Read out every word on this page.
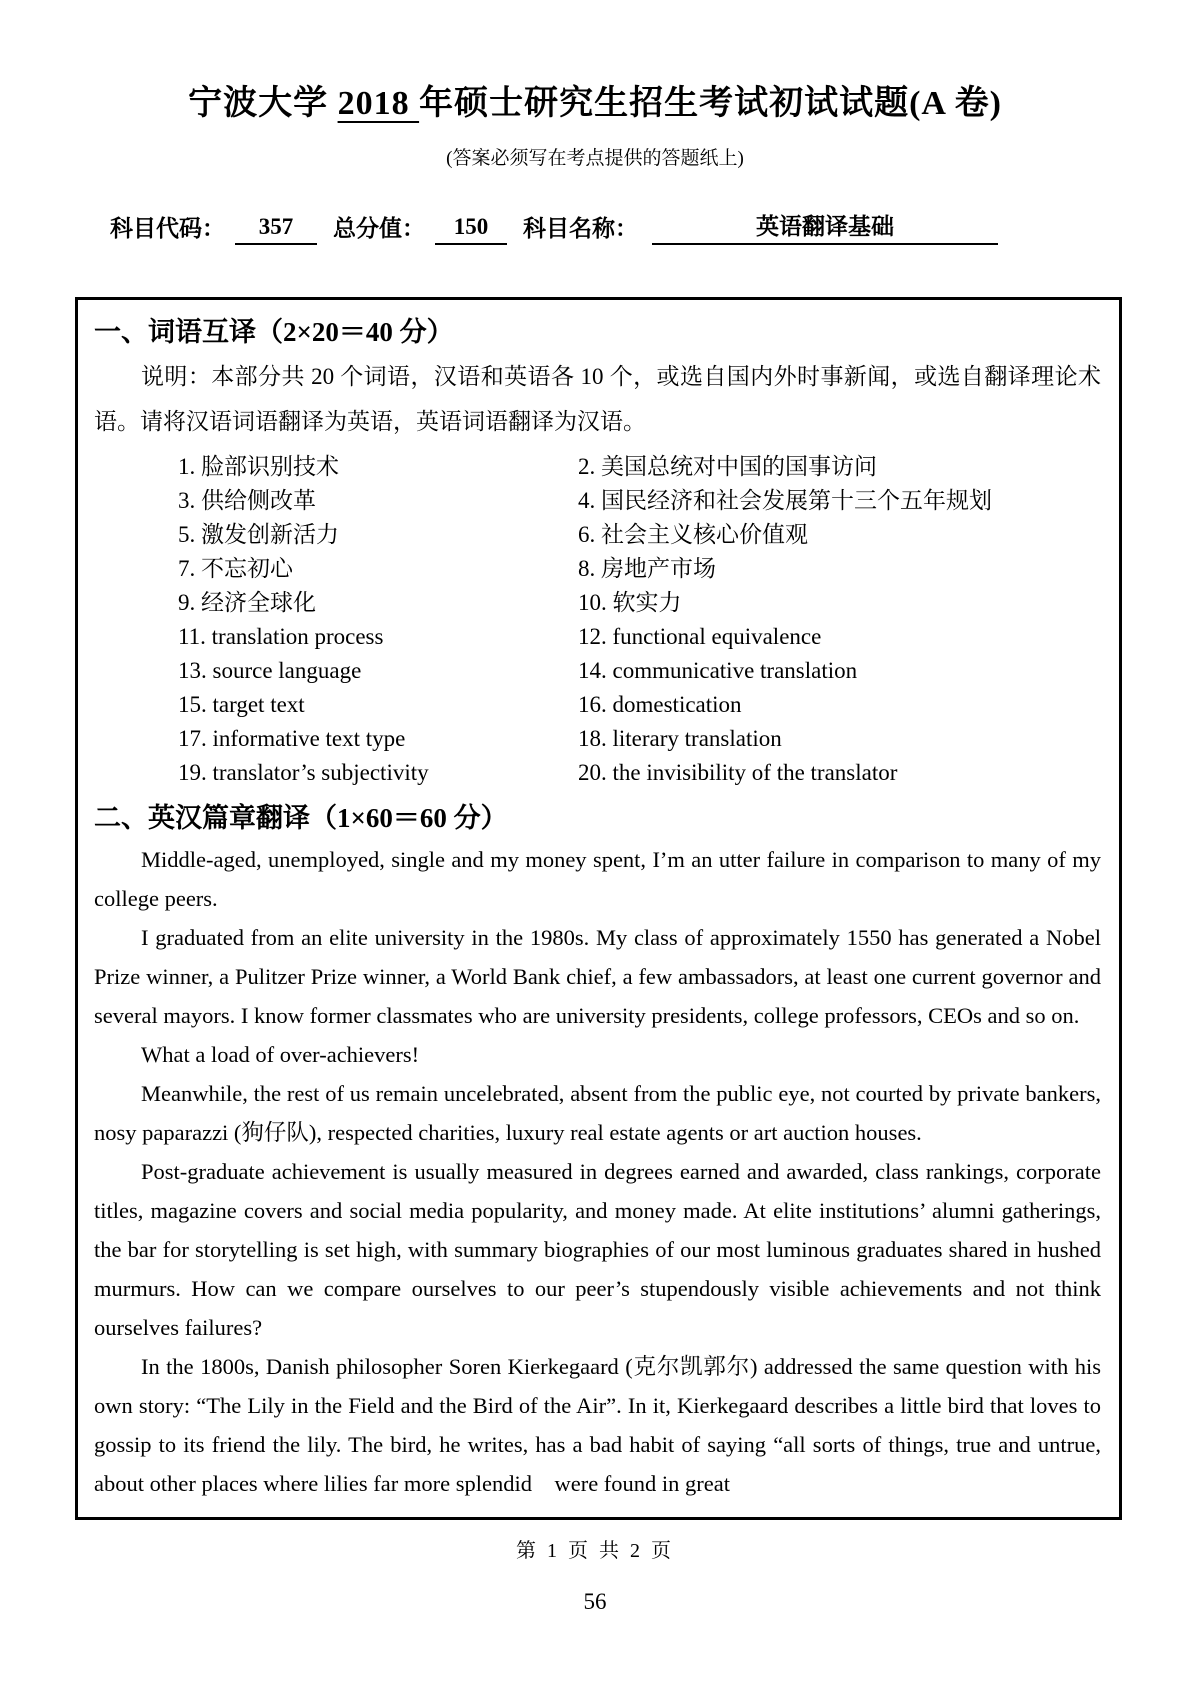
宁波大学 2018 年硕士研究生招生考试初试试题(A 卷)
(答案必须写在考点提供的答题纸上)
科目代码：	357	总分值：	150	科目名称：	英语翻译基础
一、词语互译（2×20＝40 分）

说明：本部分共 20 个词语，汉语和英语各 10 个，或选自国内外时事新闻，或选自翻译理论术语。请将汉语词语翻译为英语，英语词语翻译为汉语。

1. 脸部识别技术	2. 美国总统对中国的国事访问
3. 供给侧改革	4. 国民经济和社会发展第十三个五年规划
5. 激发创新活力	6. 社会主义核心价值观
7. 不忘初心	8. 房地产市场
9. 经济全球化	10. 软实力
11. translation process	12. functional equivalence
13. source language	14. communicative translation
15. target text	16. domestication
17. informative text type	18. literary translation
19. translator’s subjectivity	20. the invisibility of the translator
二、英汉篇章翻译（1×60＝60 分）

Middle-aged, unemployed, single and my money spent, I’m an utter failure in comparison to many of my college peers.

I graduated from an elite university in the 1980s. My class of approximately 1550 has generated a Nobel Prize winner, a Pulitzer Prize winner, a World Bank chief, a few ambassadors, at least one current governor and several mayors. I know former classmates who are university presidents, college professors, CEOs and so on.

What a load of over-achievers!

Meanwhile, the rest of us remain uncelebrated, absent from the public eye, not courted by private bankers, nosy paparazzi (狗仔队), respected charities, luxury real estate agents or art auction houses.

Post-graduate achievement is usually measured in degrees earned and awarded, class rankings, corporate titles, magazine covers and social media popularity, and money made. At elite institutions’ alumni gatherings, the bar for storytelling is set high, with summary biographies of our most luminous graduates shared in hushed murmurs. How can we compare ourselves to our peer’s stupendously visible achievements and not think ourselves failures?

In the 1800s, Danish philosopher Soren Kierkegaard (克尔凯郭尔) addressed the same question with his own story: “The Lily in the Field and the Bird of the Air”. In it, Kierkegaard describes a little bird that loves to gossip to its friend the lily. The bird, he writes, has a bad habit of saying “all sorts of things, true and untrue, about other places where lilies far more splendid    were found in great

第 1 页 共 2 页
56
